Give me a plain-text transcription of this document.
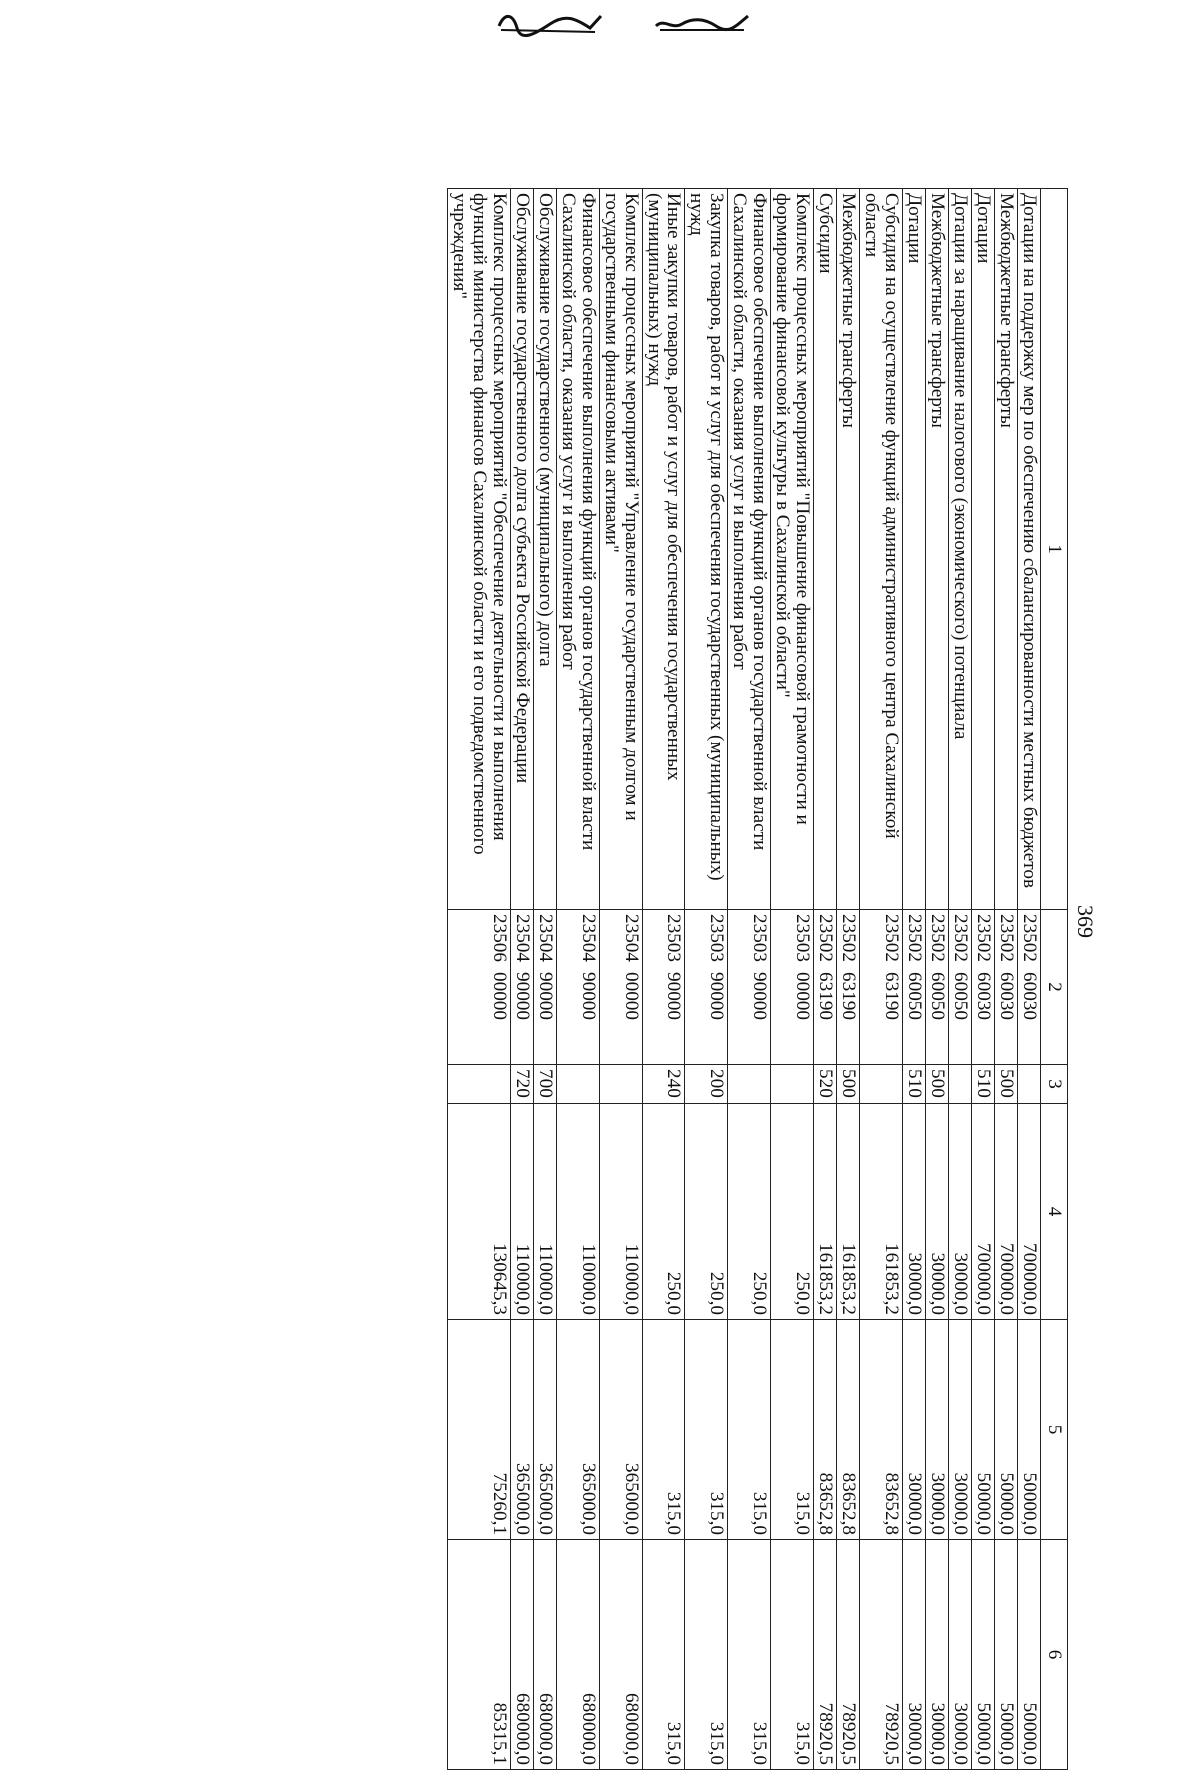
369
1	2	3	4	5	6
Дотации на поддержку мер по обеспечению сбалансированности местных бюджетов	2350260030		700000,0	50000,0	50000,0
Межбюджетные трансферты	2350260030	500	700000,0	50000,0	50000,0
Дотации	2350260030	510	700000,0	50000,0	50000,0
Дотации за наращивание налогового (экономического) потенциала	2350260050		30000,0	30000,0	30000,0
Межбюджетные трансферты	2350260050	500	30000,0	30000,0	30000,0
Дотации	2350260050	510	30000,0	30000,0	30000,0
Субсидия на осуществление функций административного центра Сахалинской области	2350263190		161853,2	83652,8	78920,5
Межбюджетные трансферты	2350263190	500	161853,2	83652,8	78920,5
Субсидии	2350263190	520	161853,2	83652,8	78920,5
Комплекс процессных мероприятий "Повышение финансовой грамотности и формирование финансовой культуры в Сахалинской области"	2350300000		250,0	315,0	315,0
Финансовое обеспечение выполнения функций органов государственной власти Сахалинской области, оказания услуг и выполнения работ	2350390000		250,0	315,0	315,0
Закупка товаров, работ и услуг для обеспечения государственных (муниципальных) нужд	2350390000	200	250,0	315,0	315,0
Иные закупки товаров, работ и услуг для обеспечения государственных (муниципальных) нужд	2350390000	240	250,0	315,0	315,0
Комплекс процессных мероприятий "Управление государственным долгом и государственными финансовыми активами"	2350400000		110000,0	365000,0	680000,0
Финансовое обеспечение выполнения функций органов государственной власти Сахалинской области, оказания услуг и выполнения работ	2350490000		110000,0	365000,0	680000,0
Обслуживание государственного (муниципального) долга	2350490000	700	110000,0	365000,0	680000,0
Обслуживание государственного долга субъекта Российской Федерации	2350490000	720	110000,0	365000,0	680000,0
Комплекс процессных мероприятий "Обеспечение деятельности и выполнения функций министерства финансов Сахалинской области и его подведомственного учреждения"	2350600000		130645,3	75260,1	85315,1
